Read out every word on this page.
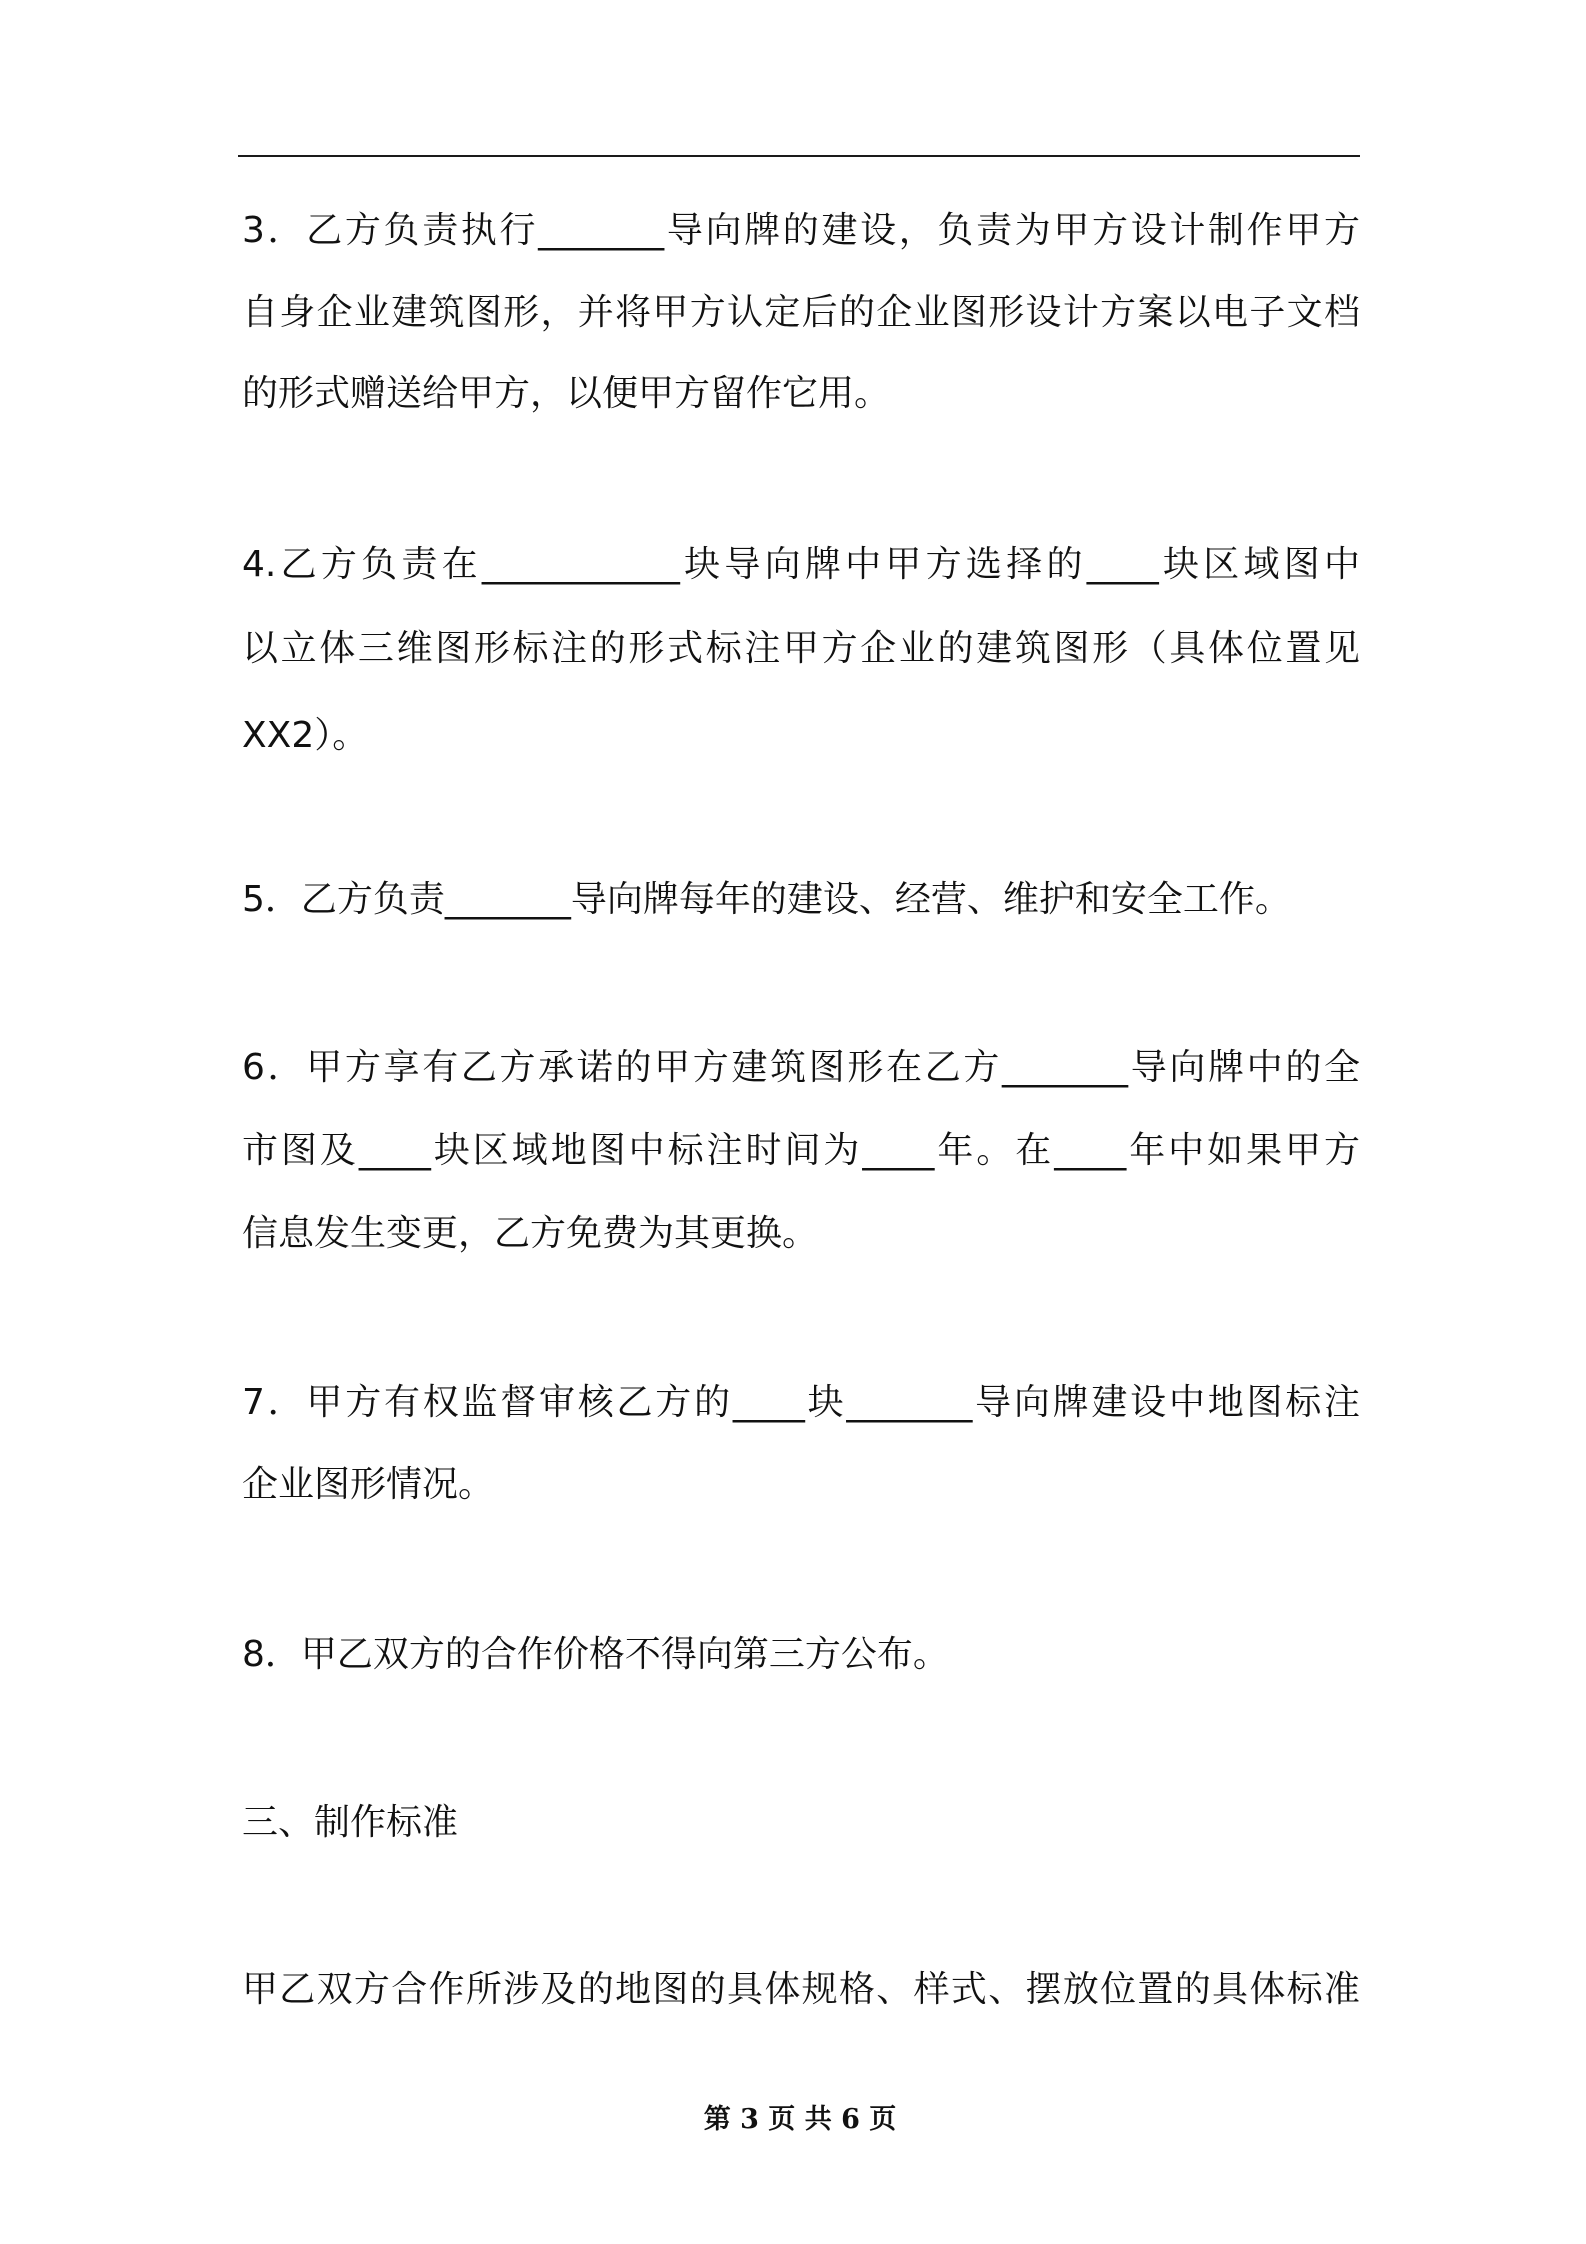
3．乙方负责执行_______导向牌的建设，负责为甲方设计制作甲方
自身企业建筑图形，并将甲方认定后的企业图形设计方案以电子文档
的形式赠送给甲方，以便甲方留作它用。
4.乙方负责在___________块导向牌中甲方选择的____块区域图中
以立体三维图形标注的形式标注甲方企业的建筑图形（具体位置见
XX2）。
5．乙方负责_______导向牌每年的建设、经营、维护和安全工作。
6．甲方享有乙方承诺的甲方建筑图形在乙方_______导向牌中的全
市图及____块区域地图中标注时间为____年。在____年中如果甲方
信息发生变更，乙方免费为其更换。
7．甲方有权监督审核乙方的____块_______导向牌建设中地图标注
企业图形情况。
8．甲乙双方的合作价格不得向第三方公布。
三、制作标准
甲乙双方合作所涉及的地图的具体规格、样式、摆放位置的具体标准
第 3 页 共 6 页
